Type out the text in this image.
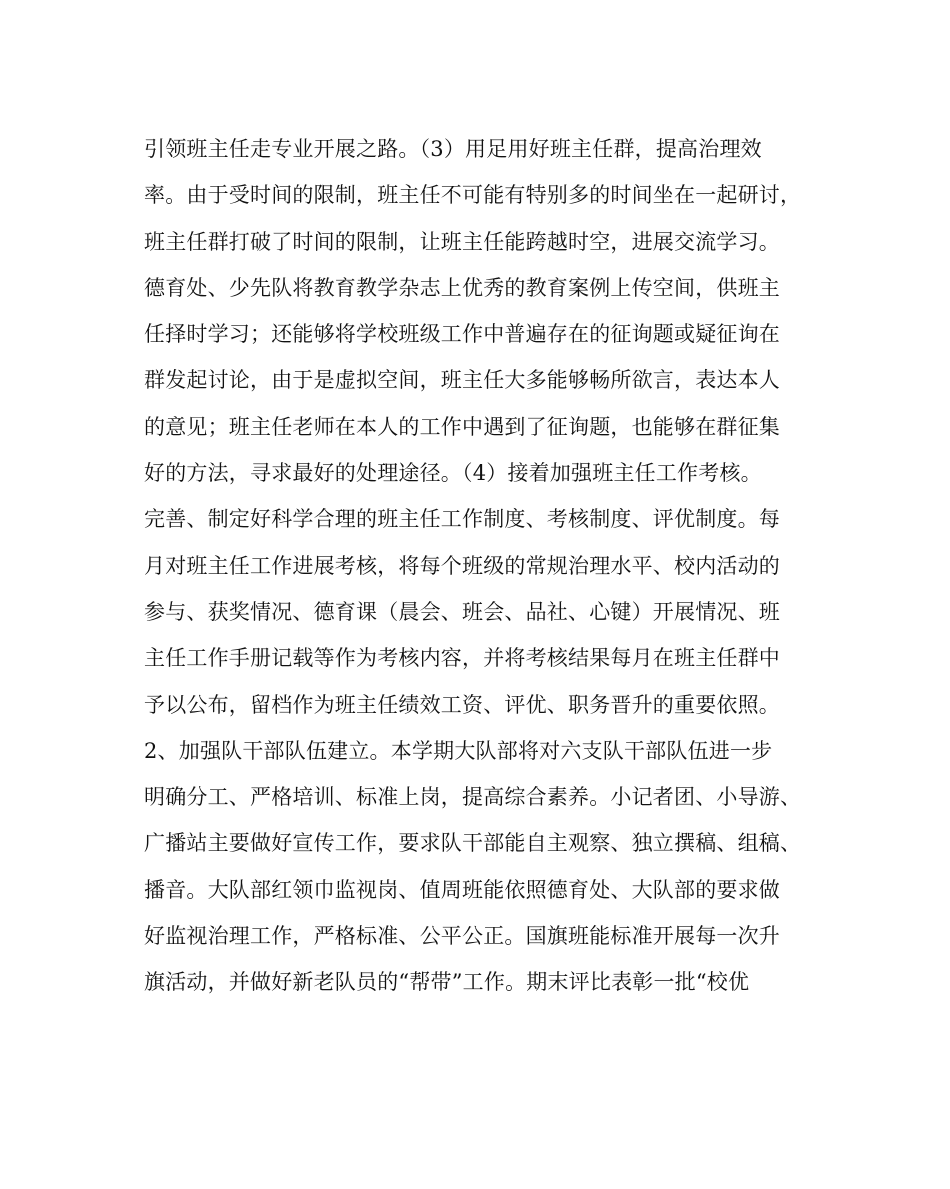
引领班主任走专业开展之路。（3）用足用好班主任群，提高治理效
率。由于受时间的限制，班主任不可能有特别多的时间坐在一起研讨，
班主任群打破了时间的限制，让班主任能跨越时空，进展交流学习。
德育处、少先队将教育教学杂志上优秀的教育案例上传空间，供班主
任择时学习；还能够将学校班级工作中普遍存在的征询题或疑征询在
群发起讨论，由于是虚拟空间，班主任大多能够畅所欲言，表达本人
的意见；班主任老师在本人的工作中遇到了征询题，也能够在群征集
好的方法，寻求最好的处理途径。（4）接着加强班主任工作考核。
完善、制定好科学合理的班主任工作制度、考核制度、评优制度。每
月对班主任工作进展考核，将每个班级的常规治理水平、校内活动的
参与、获奖情况、德育课（晨会、班会、品社、心键）开展情况、班
主任工作手册记载等作为考核内容，并将考核结果每月在班主任群中
予以公布，留档作为班主任绩效工资、评优、职务晋升的重要依照。
2、加强队干部队伍建立。本学期大队部将对六支队干部队伍进一步
明确分工、严格培训、标准上岗，提高综合素养。小记者团、小导游、
广播站主要做好宣传工作，要求队干部能自主观察、独立撰稿、组稿、
播音。大队部红领巾监视岗、值周班能依照德育处、大队部的要求做
好监视治理工作，严格标准、公平公正。国旗班能标准开展每一次升
旗活动，并做好新老队员的“帮带”工作。期末评比表彰一批“校优
